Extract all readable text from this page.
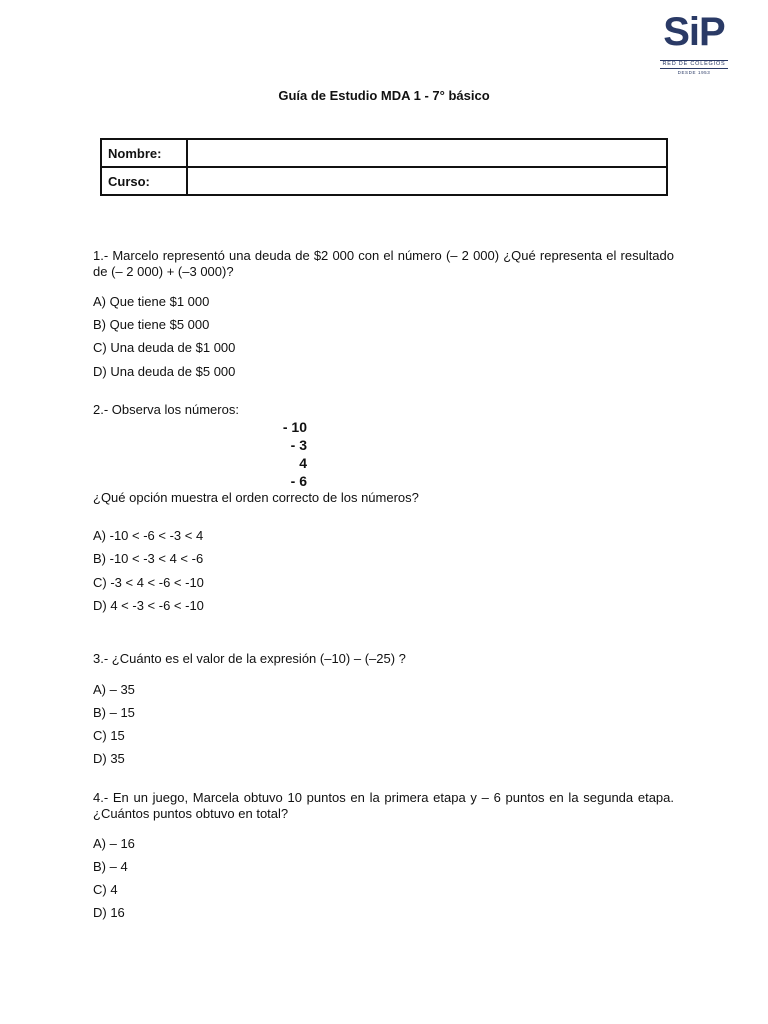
SiP
RED DE COLEGIOS
DESDE 1953
Guía de Estudio MDA 1 - 7° básico
Nombre:	
Curso:	
1.- Marcelo representó una deuda de $2 000 con el número (– 2 000) ¿Qué representa el resultado de (– 2 000) + (–3 000)?
A) Que tiene $1 000
B) Que tiene $5 000
C) Una deuda de $1 000
D) Una deuda de $5 000
2.- Observa los números:
- 10
- 3
4
- 6
¿Qué opción muestra el orden correcto de los números?
A) -10 < -6 < -3 < 4
B) -10 < -3 < 4 < -6
C) -3 < 4 < -6 < -10
D) 4 < -3 < -6 < -10
3.- ¿Cuánto es el valor de la expresión (–10) – (–25) ?
A) – 35
B) – 15
C) 15
D) 35
4.- En un juego, Marcela obtuvo 10 puntos en la primera etapa y – 6 puntos en la segunda etapa. ¿Cuántos puntos obtuvo en total?
A) – 16
B) – 4
C) 4
D) 16
